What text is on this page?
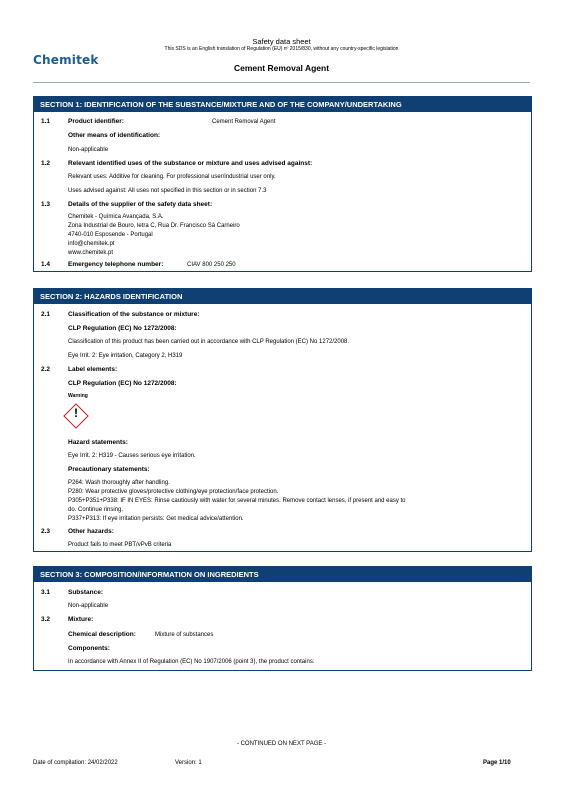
Safety data sheet
This SDS is an English translation of Regulation (EU) nº 2015/830, without any country-specific legislation
Chemitek
Cement Removal Agent
SECTION 1: IDENTIFICATION OF THE SUBSTANCE/MIXTURE AND OF THE COMPANY/UNDERTAKING
1.1	Product identifier:	Cement Removal Agent
Other means of identification:
Non-applicable
1.2	Relevant identified uses of the substance or mixture and uses advised against:
Relevant uses: Additive for cleaning. For professional user/industrial user only.
Uses advised against: All uses not specified in this section or in section 7.3
1.3	Details of the supplier of the safety data sheet:
Chemitek - Química Avançada, S.A.
Zona Industrial de Bouro, letra C, Rua Dr. Francisco Sá Carneiro
4740-010 Esposende - Portugal
info@chemitek.pt
www.chemitek.pt
1.4	Emergency telephone number:	CIAV 800 250 250
SECTION 2: HAZARDS IDENTIFICATION
2.1	Classification of the substance or mixture:
CLP Regulation (EC) No 1272/2008:
Classification of this product has been carried out in accordance with CLP Regulation (EC) No 1272/2008.
Eye Irrit. 2: Eye irritation, Category 2, H319
2.2	Label elements:
CLP Regulation (EC) No 1272/2008:
Warning
!
Hazard statements:
Eye Irrit. 2: H319 - Causes serious eye irritation.
Precautionary statements:
P264: Wash thoroughly after handling.
P280: Wear protective gloves/protective clothing/eye protection/face protection.
P305+P351+P338: IF IN EYES: Rinse cautiously with water for several minutes. Remove contact lenses, if present and easy to
do. Continue rinsing.
P337+P313: If eye irritation persists: Get medical advice/attention.
2.3	Other hazards:
Product fails to meet PBT/vPvB criteria
SECTION 3: COMPOSITION/INFORMATION ON INGREDIENTS
3.1	Substance:
Non-applicable
3.2	Mixture:
Chemical description:	Mixture of substances
Components:
In accordance with Annex II of Regulation (EC) No 1907/2006 (point 3), the product contains:
- CONTINUED ON NEXT PAGE -
Date of compilation: 24/02/2022	Version: 1	Page 1/10
